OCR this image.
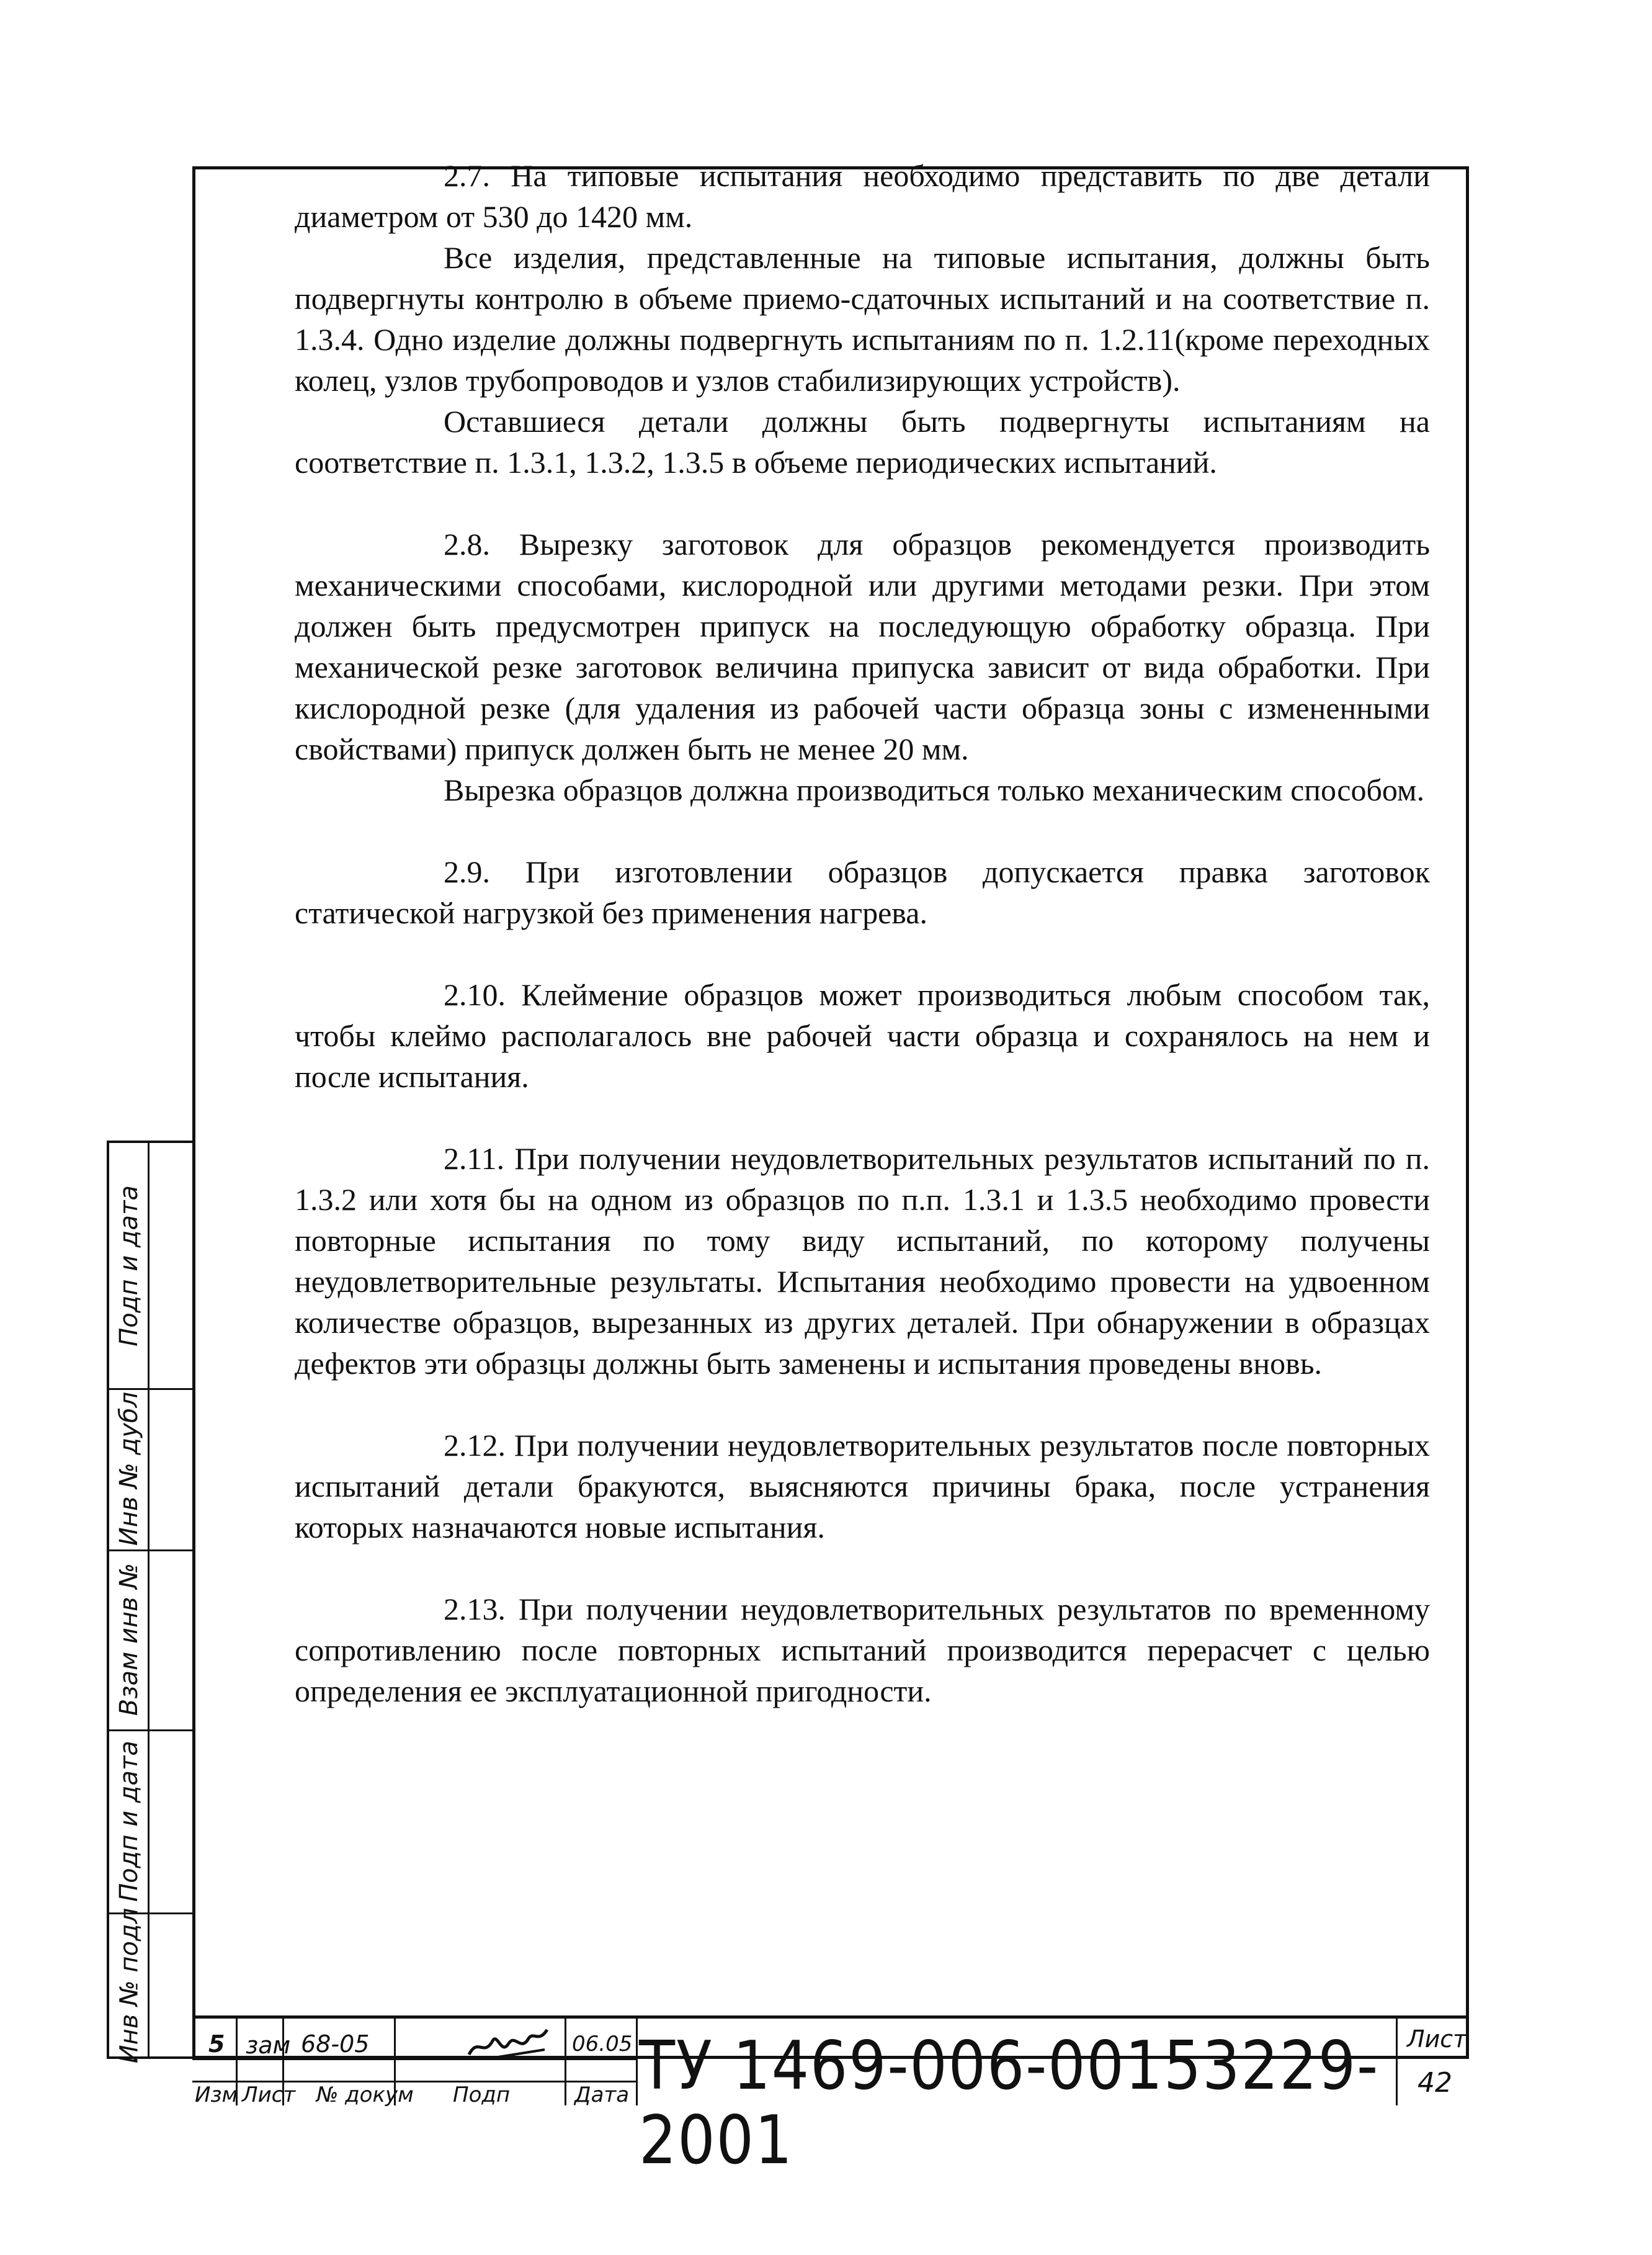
Подп и дата
Инв № дубл
Взам инв №
Подп и дата
Инв № подл

2.7. На типовые испытания необходимо представить по две детали диаметром от 530 до 1420 мм.

Все изделия, представленные на типовые испытания, должны быть подвергнуты контролю в объеме приемо-сдаточных испытаний и на соответствие п. 1.3.4. Одно изделие должны подвергнуть испытаниям по п. 1.2.11(кроме переходных колец, узлов трубопроводов и узлов стабилизирующих устройств).

Оставшиеся детали должны быть подвергнуты испытаниям на соответствие п. 1.3.1, 1.3.2, 1.3.5 в объеме периодических испытаний.

2.8. Вырезку заготовок для образцов рекомендуется производить механическими способами, кислородной или другими методами резки. При этом должен быть предусмотрен припуск на последующую обработку образца. При механической резке заготовок величина припуска зависит от вида обработки. При кислородной резке (для удаления из рабочей части образца зоны с измененными свойствами) припуск должен быть не менее 20 мм.

Вырезка образцов должна производиться только механическим способом.

2.9. При изготовлении образцов допускается правка заготовок статической нагрузкой без применения нагрева.

2.10. Клеймение образцов может производиться любым способом так, чтобы клеймо располагалось вне рабочей части образца и сохранялось на нем и после испытания.

2.11. При получении неудовлетворительных результатов испытаний по п. 1.3.2 или хотя бы на одном из образцов по п.п. 1.3.1 и 1.3.5 необходимо провести повторные испытания по тому виду испытаний, по которому получены неудовлетворительные результаты. Испытания необходимо провести на удвоенном количестве образцов, вырезанных из других деталей. При обнаружении в образцах дефектов эти образцы должны быть заменены и испытания проведены вновь.

2.12. При получении неудовлетворительных результатов после повторных испытаний детали бракуются, выясняются причины брака, после устранения которых назначаются новые испытания.

2.13. При получении неудовлетворительных результатов по временному сопротивлению после повторных испытаний производится перерасчет с целью определения ее эксплуатационной пригодности.

5 зам 68-05	06.05
Изм Лист № докум Подп	Дата
Лист
42
ТУ 1469-006-00153229-2001
